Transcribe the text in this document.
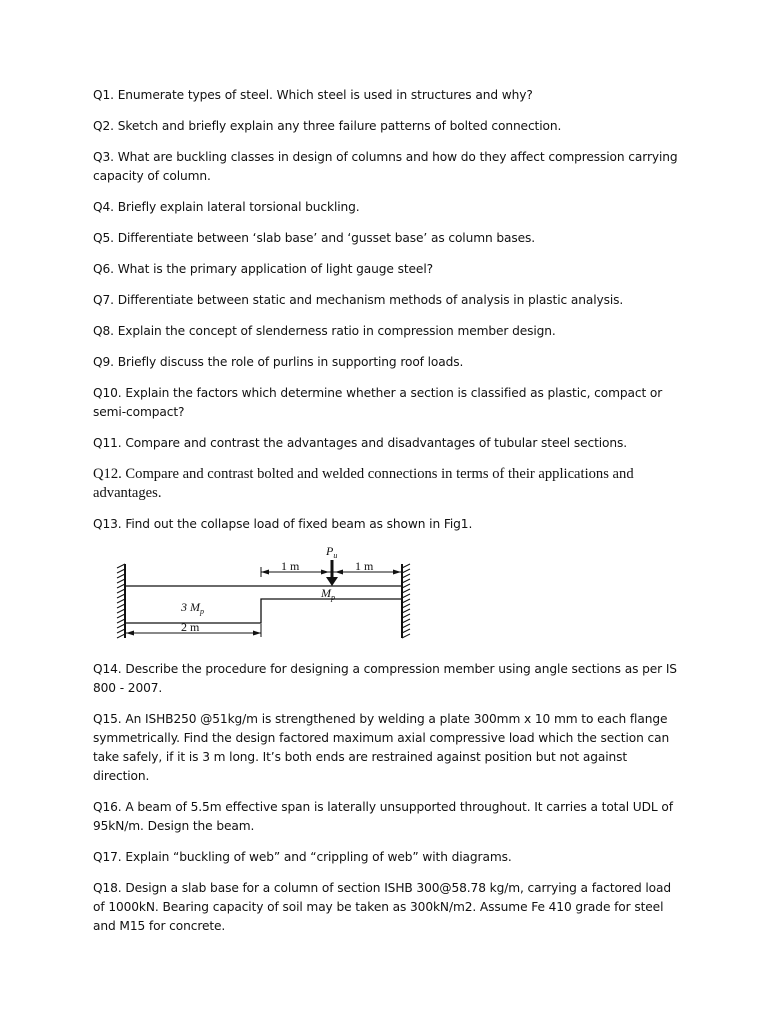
Q1. Enumerate types of steel. Which steel is used in structures and why?

Q2. Sketch and briefly explain any three failure patterns of bolted connection.

Q3. What are buckling classes in design of columns and how do they affect compression carrying capacity of column.

Q4. Briefly explain lateral torsional buckling.

Q5. Differentiate between ‘slab base’ and ‘gusset base’ as column bases.

Q6. What is the primary application of light gauge steel?

Q7. Differentiate between static and mechanism methods of analysis in plastic analysis.

Q8. Explain the concept of slenderness ratio in compression member design.

Q9. Briefly discuss the role of purlins in supporting roof loads.

Q10. Explain the factors which determine whether a section is classified as plastic, compact or semi-compact?

Q11. Compare and contrast the advantages and disadvantages of tubular steel sections.

Q12. Compare and contrast bolted and welded connections in terms of their applications and advantages.

Q13. Find out the collapse load of fixed beam as shown in Fig1.

1 m	1 m
$P_u$
$M_p$
3 $M_p$
2 m

Q14. Describe the procedure for designing a compression member using angle sections as per IS 800 - 2007.

Q15. An ISHB250 @51kg/m is strengthened by welding a plate 300mm x 10 mm to each flange symmetrically. Find the design factored maximum axial compressive load which the section can take safely, if it is 3 m long. It’s both ends are restrained against position but not against direction.

Q16. A beam of 5.5m effective span is laterally unsupported throughout. It carries a total UDL of 95kN/m. Design the beam.

Q17. Explain “buckling of web” and “crippling of web” with diagrams.

Q18. Design a slab base for a column of section ISHB 300@58.78 kg/m, carrying a factored load of 1000kN. Bearing capacity of soil may be taken as 300kN/m2. Assume Fe 410 grade for steel and M15 for concrete.
